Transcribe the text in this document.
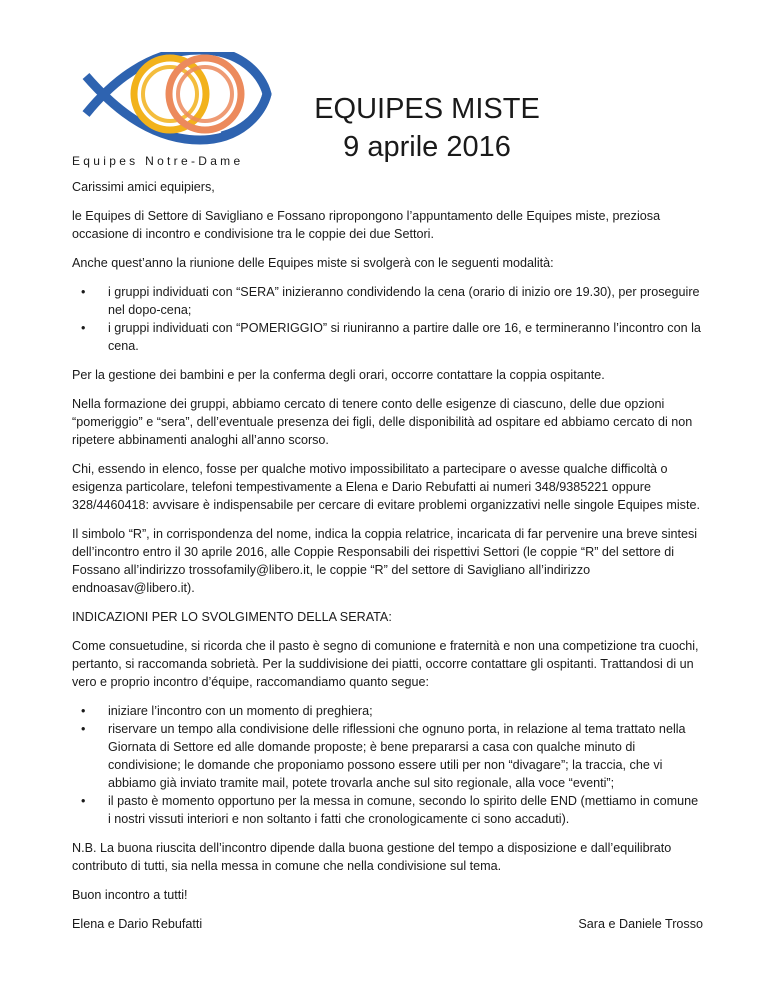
Equipes Notre-Dame
EQUIPES MISTE
9 aprile 2016

Carissimi amici equipiers,

le Equipes di Settore di Savigliano e Fossano ripropongono l’appuntamento delle Equipes miste, preziosa occasione di incontro e condivisione tra le coppie dei due Settori.

Anche quest’anno la riunione delle Equipes miste si svolgerà con le seguenti modalità:

• i gruppi individuati con “SERA” inizieranno condividendo la cena (orario di inizio ore 19.30), per proseguire nel dopo-cena;
• i gruppi individuati con “POMERIGGIO” si riuniranno a partire dalle ore 16, e termineranno l’incontro con la cena.

Per la gestione dei bambini e per la conferma degli orari, occorre contattare la coppia ospitante.

Nella formazione dei gruppi, abbiamo cercato di tenere conto delle esigenze di ciascuno, delle due opzioni “pomeriggio” e “sera”, dell’eventuale presenza dei figli, delle disponibilità ad ospitare ed abbiamo cercato di non ripetere abbinamenti analoghi all’anno scorso.

Chi, essendo in elenco, fosse per qualche motivo impossibilitato a partecipare o avesse qualche difficoltà o esigenza particolare, telefoni tempestivamente a Elena e Dario Rebufatti ai numeri 348/9385221 oppure 328/4460418: avvisare è indispensabile per cercare di evitare problemi organizzativi nelle singole Equipes miste.

Il simbolo “R”, in corrispondenza del nome, indica la coppia relatrice, incaricata di far pervenire una breve sintesi dell’incontro entro il 30 aprile 2016, alle Coppie Responsabili dei rispettivi Settori (le coppie “R” del settore di Fossano all’indirizzo trossofamily@libero.it, le coppie “R” del settore di Savigliano all’indirizzo endnoasav@libero.it).

INDICAZIONI PER LO SVOLGIMENTO DELLA SERATA:

Come consuetudine, si ricorda che il pasto è segno di comunione e fraternità e non una competizione tra cuochi, pertanto, si raccomanda sobrietà. Per la suddivisione dei piatti, occorre contattare gli ospitanti. Trattandosi di un vero e proprio incontro d’équipe, raccomandiamo quanto segue:

• iniziare l’incontro con un momento di preghiera;
• riservare un tempo alla condivisione delle riflessioni che ognuno porta, in relazione al tema trattato nella Giornata di Settore ed alle domande proposte; è bene prepararsi a casa con qualche minuto di condivisione; le domande che proponiamo possono essere utili per non “divagare”; la traccia, che vi abbiamo già inviato tramite mail, potete trovarla anche sul sito regionale, alla voce “eventi”;
• il pasto è momento opportuno per la messa in comune, secondo lo spirito delle END (mettiamo in comune i nostri vissuti interiori e non soltanto i fatti che cronologicamente ci sono accaduti).

N.B. La buona riuscita dell’incontro dipende dalla buona gestione del tempo a disposizione e dall’equilibrato contributo di tutti, sia nella messa in comune che nella condivisione sul tema.

Buon incontro a tutti!

Elena e Dario Rebufatti	Sara e Daniele Trosso
